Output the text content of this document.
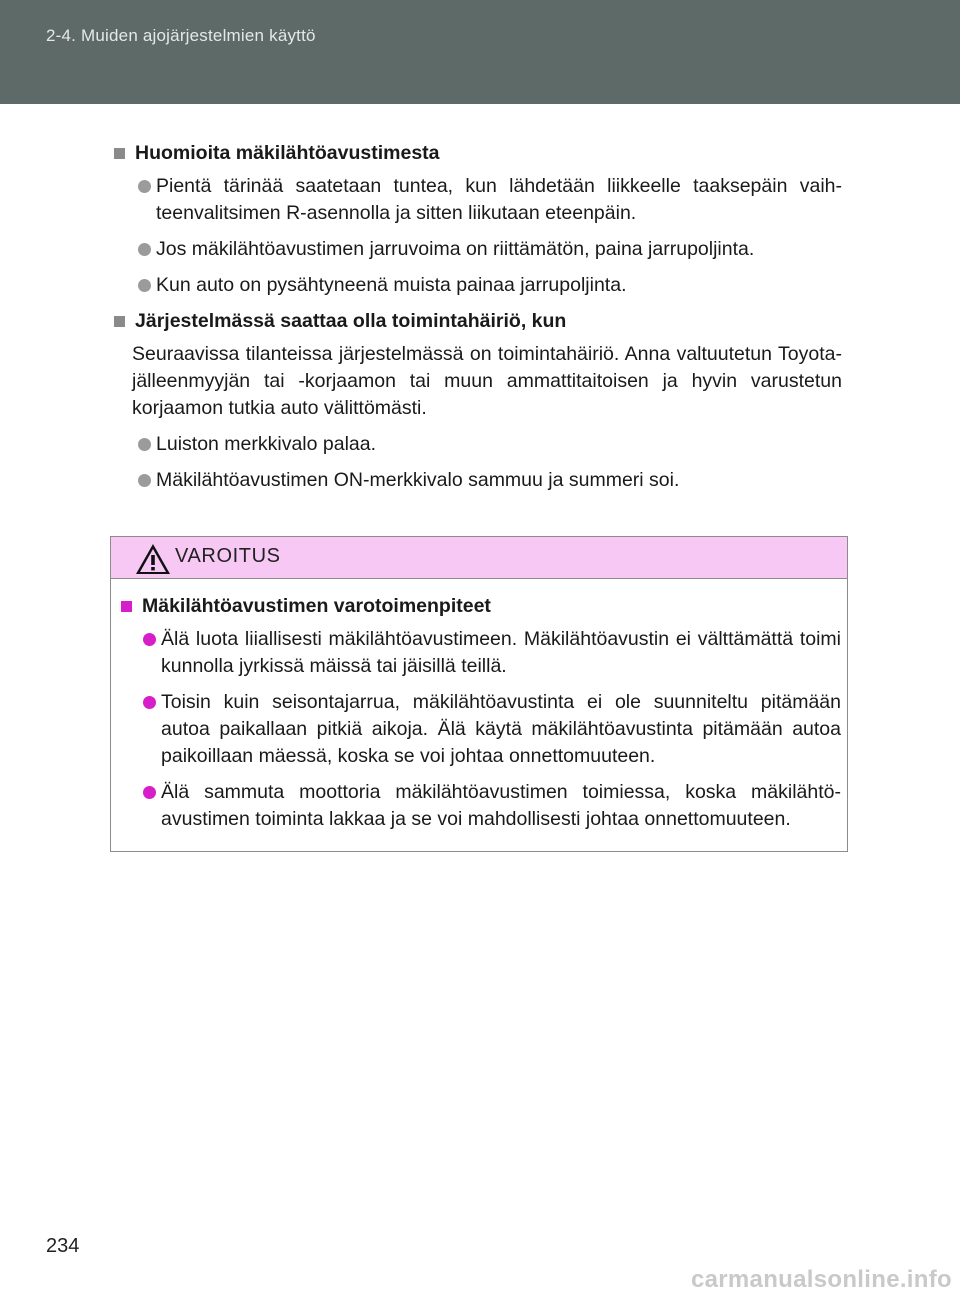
2-4. Muiden ajojärjestelmien käyttö
Huomioita mäkilähtöavustimesta
Pientä tärinää saatetaan tuntea, kun lähdetään liikkeelle taaksepäin vaih-teenvalitsimen R-asennolla ja sitten liikutaan eteenpäin.
Jos mäkilähtöavustimen jarruvoima on riittämätön, paina jarrupoljinta.
Kun auto on pysähtyneenä muista painaa jarrupoljinta.
Järjestelmässä saattaa olla toimintahäiriö, kun
Seuraavissa tilanteissa järjestelmässä on toimintahäiriö. Anna valtuutetun Toyota-jälleenmyyjän tai -korjaamon tai muun ammattitaitoisen ja hyvin varustetun korjaamon tutkia auto välittömästi.
Luiston merkkivalo palaa.
Mäkilähtöavustimen ON-merkkivalo sammuu ja summeri soi.
VAROITUS
Mäkilähtöavustimen varotoimenpiteet
Älä luota liiallisesti mäkilähtöavustimeen. Mäkilähtöavustin ei välttämättä toimi kunnolla jyrkissä mäissä tai jäisillä teillä.
Toisin kuin seisontajarrua, mäkilähtöavustinta ei ole suunniteltu pitämään autoa paikallaan pitkiä aikoja. Älä käytä mäkilähtöavustinta pitämään autoa paikoillaan mäessä, koska se voi johtaa onnettomuuteen.
Älä sammuta moottoria mäkilähtöavustimen toimiessa, koska mäkilähtö-avustimen toiminta lakkaa ja se voi mahdollisesti johtaa onnettomuuteen.
234
carmanualsonline.info
